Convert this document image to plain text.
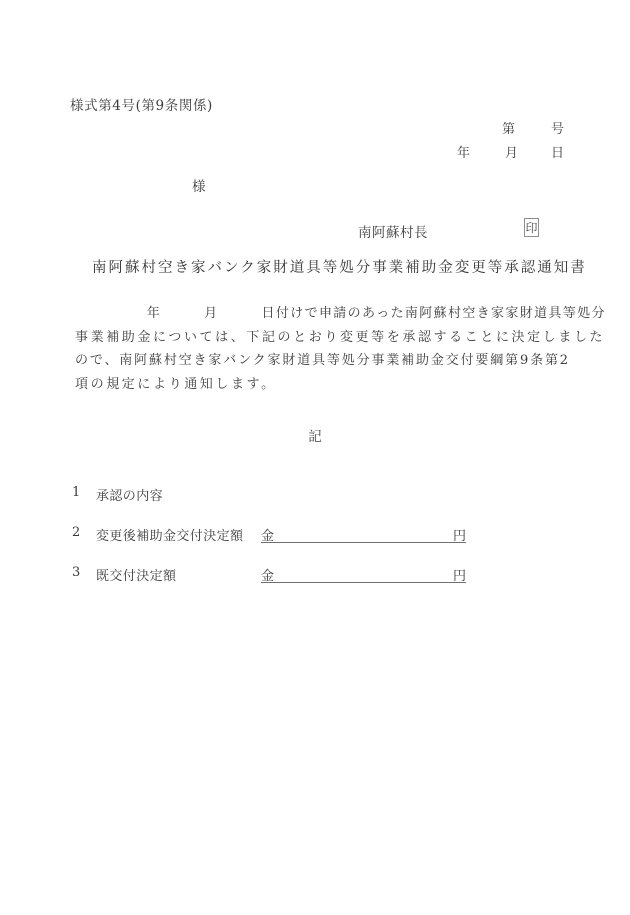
様式第4号(第9条関係)
第	号
年	月	日
様
南阿蘇村長	印
南阿蘇村空き家バンク家財道具等処分事業補助金変更等承認通知書
　　　　　年　　　月　　　日付けで申請のあった南阿蘇村空き家家財道具等処分
事業補助金については、下記のとおり変更等を承認することに決定しました
ので、南阿蘇村空き家バンク家財道具等処分事業補助金交付要綱第9条第2
項の規定により通知します。
記
1 承認の内容
2 変更後補助金交付決定額 金	円
3 既交付決定額	金	円
